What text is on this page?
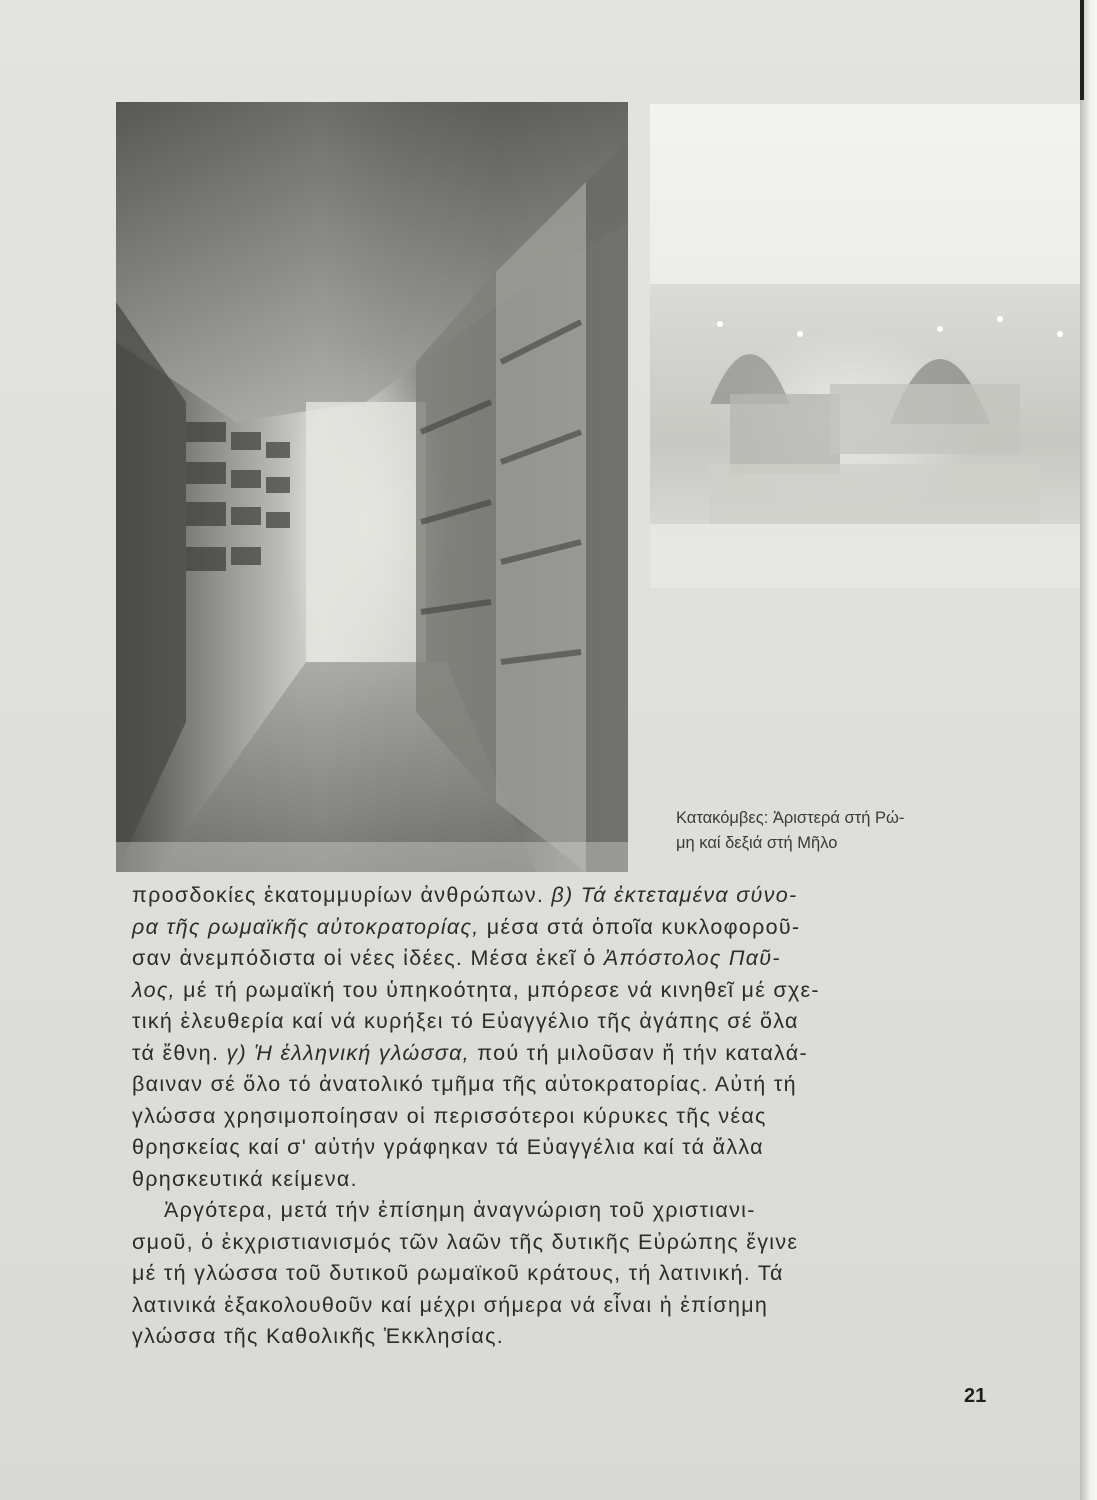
Κατακόμβες: Ἀριστερά στή Ρώ-
μη καί δεξιά στή Μῆλο
προσδοκίες ἑκατομμυρίων ἀνθρώπων. β) Τά ἐκτεταμένα σύνο-
ρα τῆς ρωμαϊκῆς αὐτοκρατορίας, μέσα στά ὁποῖα κυκλοφοροῦ-
σαν ἀνεμπόδιστα οἱ νέες ἰδέες. Μέσα ἐκεῖ ὁ Ἀπόστολος Παῦ-
λος, μέ τή ρωμαϊκή του ὑπηκοότητα, μπόρεσε νά κινηθεῖ μέ σχε-
τική ἐλευθερία καί νά κυρήξει τό Εὐαγγέλιο τῆς ἀγάπης σέ ὅλα
τά ἔθνη. γ) Ἡ ἑλληνική γλώσσα, πού τή μιλοῦσαν ἤ τήν καταλά-
βαιναν σέ ὅλο τό ἀνατολικό τμῆμα τῆς αὐτοκρατορίας. Αὐτή τή
γλώσσα χρησιμοποίησαν οἱ περισσότεροι κύρυκες τῆς νέας
θρησκείας καί σ' αὐτήν γράφηκαν τά Εὐαγγέλια καί τά ἄλλα
θρησκευτικά κείμενα.
Ἀργότερα, μετά τήν ἐπίσημη ἀναγνώριση τοῦ χριστιανι-
σμοῦ, ὁ ἐκχριστιανισμός τῶν λαῶν τῆς δυτικῆς Εὐρώπης ἔγινε
μέ τή γλώσσα τοῦ δυτικοῦ ρωμαϊκοῦ κράτους, τή λατινική. Τά
λατινικά ἐξακολουθοῦν καί μέχρι σήμερα νά εἶναι ἡ ἐπίσημη
γλώσσα τῆς Καθολικῆς Ἐκκλησίας.
21
